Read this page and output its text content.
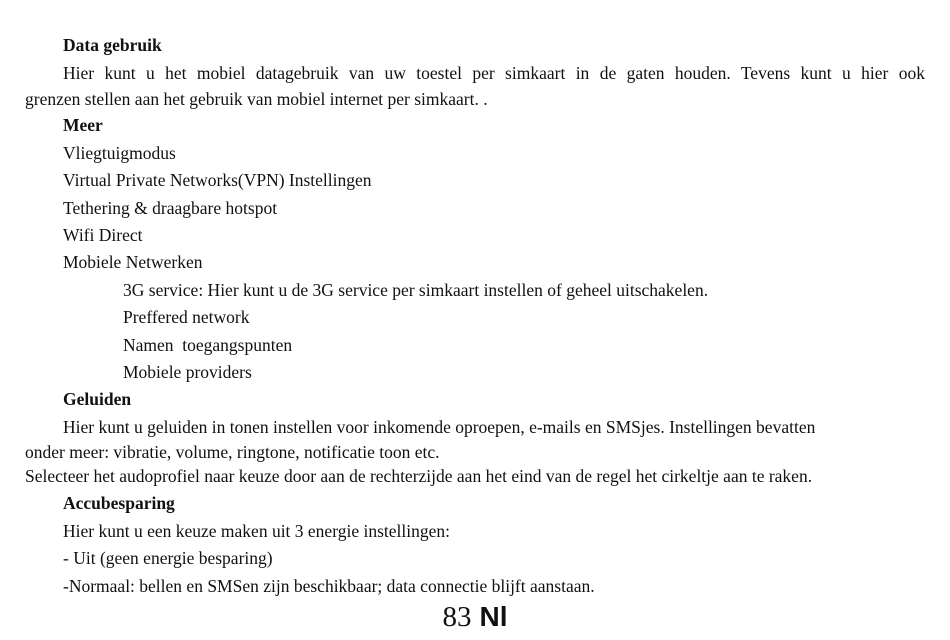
Data gebruik
Hier kunt u het mobiel datagebruik van uw toestel per simkaart in de gaten houden. Tevens kunt u hier ook
grenzen stellen aan het gebruik van mobiel internet per simkaart. .
Meer
Vliegtuigmodus
Virtual Private Networks(VPN) Instellingen
Tethering & draagbare hotspot
Wifi Direct
Mobiele Netwerken
3G service: Hier kunt u de 3G service per simkaart instellen of geheel uitschakelen.
Preffered network
Namen  toegangspunten
Mobiele providers
Geluiden
Hier kunt u geluiden in tonen instellen voor inkomende oproepen, e-mails en SMSjes. Instellingen bevatten
onder meer: vibratie, volume, ringtone, notificatie toon etc.
Selecteer het audoprofiel naar keuze door aan de rechterzijde aan het eind van de regel het cirkeltje aan te raken.
Accubesparing
Hier kunt u een keuze maken uit 3 energie instellingen:
- Uit (geen energie besparing)
-Normaal: bellen en SMSen zijn beschikbaar; data connectie blijft aanstaan.
83 Nl
